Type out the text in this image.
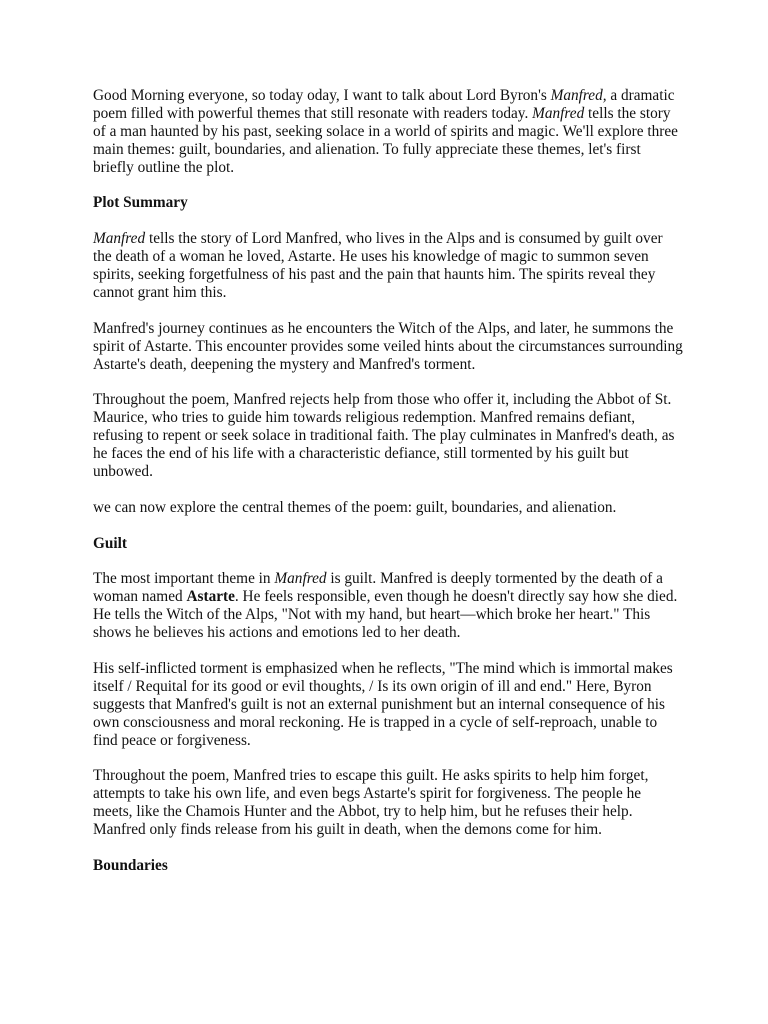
Good Morning everyone, so today oday, I want to talk about Lord Byron's Manfred, a dramatic poem filled with powerful themes that still resonate with readers today. Manfred tells the story of a man haunted by his past, seeking solace in a world of spirits and magic. We'll explore three main themes: guilt, boundaries, and alienation. To fully appreciate these themes, let's first briefly outline the plot.

Plot Summary

Manfred tells the story of Lord Manfred, who lives in the Alps and is consumed by guilt over the death of a woman he loved, Astarte. He uses his knowledge of magic to summon seven spirits, seeking forgetfulness of his past and the pain that haunts him. The spirits reveal they cannot grant him this.

Manfred's journey continues as he encounters the Witch of the Alps, and later, he summons the spirit of Astarte. This encounter provides some veiled hints about the circumstances surrounding Astarte's death, deepening the mystery and Manfred's torment.

Throughout the poem, Manfred rejects help from those who offer it, including the Abbot of St. Maurice, who tries to guide him towards religious redemption. Manfred remains defiant, refusing to repent or seek solace in traditional faith. The play culminates in Manfred's death, as he faces the end of his life with a characteristic defiance, still tormented by his guilt but unbowed.

we can now explore the central themes of the poem: guilt, boundaries, and alienation.

Guilt

The most important theme in Manfred is guilt. Manfred is deeply tormented by the death of a woman named Astarte. He feels responsible, even though he doesn't directly say how she died. He tells the Witch of the Alps, "Not with my hand, but heart—which broke her heart." This shows he believes his actions and emotions led to her death.

His self-inflicted torment is emphasized when he reflects, "The mind which is immortal makes itself / Requital for its good or evil thoughts, / Is its own origin of ill and end." Here, Byron suggests that Manfred's guilt is not an external punishment but an internal consequence of his own consciousness and moral reckoning. He is trapped in a cycle of self-reproach, unable to find peace or forgiveness.

Throughout the poem, Manfred tries to escape this guilt. He asks spirits to help him forget, attempts to take his own life, and even begs Astarte's spirit for forgiveness. The people he meets, like the Chamois Hunter and the Abbot, try to help him, but he refuses their help. Manfred only finds release from his guilt in death, when the demons come for him.

Boundaries
